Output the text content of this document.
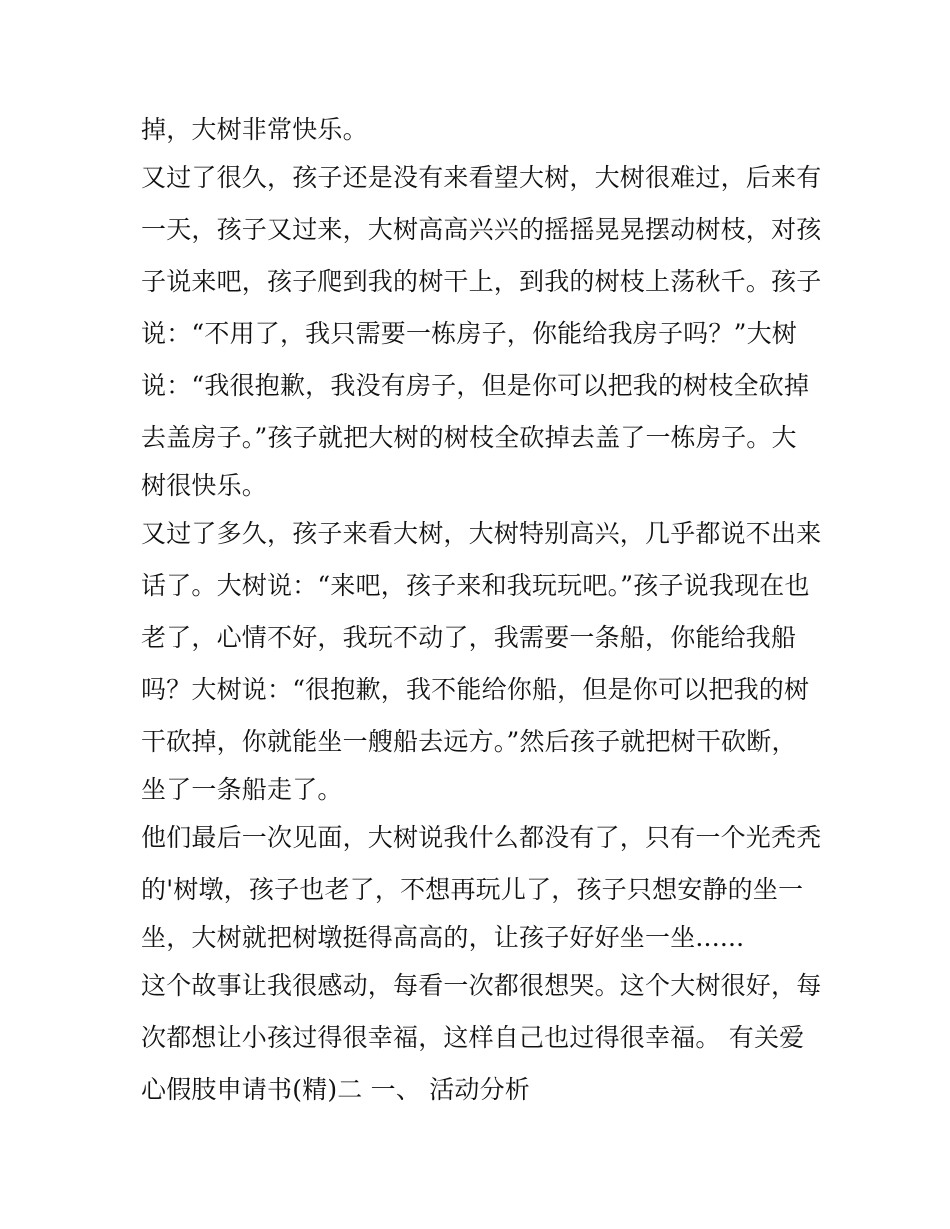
掉，大树非常快乐。
又过了很久，孩子还是没有来看望大树，大树很难过，后来有
一天，孩子又过来，大树高高兴兴的摇摇晃晃摆动树枝，对孩
子说来吧，孩子爬到我的树干上，到我的树枝上荡秋千。孩子
说：“不用了，我只需要一栋房子，你能给我房子吗？”大树
说：“我很抱歉，我没有房子，但是你可以把我的树枝全砍掉
去盖房子。”孩子就把大树的树枝全砍掉去盖了一栋房子。大
树很快乐。
又过了多久，孩子来看大树，大树特别高兴，几乎都说不出来
话了。大树说：“来吧，孩子来和我玩玩吧。”孩子说我现在也
老了，心情不好，我玩不动了，我需要一条船，你能给我船
吗？大树说：“很抱歉，我不能给你船，但是你可以把我的树
干砍掉，你就能坐一艘船去远方。”然后孩子就把树干砍断，
坐了一条船走了。
他们最后一次见面，大树说我什么都没有了，只有一个光秃秃
的'树墩，孩子也老了，不想再玩儿了，孩子只想安静的坐一
坐，大树就把树墩挺得高高的，让孩子好好坐一坐......
这个故事让我很感动，每看一次都很想哭。这个大树很好，每
次都想让小孩过得很幸福，这样自己也过得很幸福。 有关爱
心假肢申请书(精)二 一、 活动分析
